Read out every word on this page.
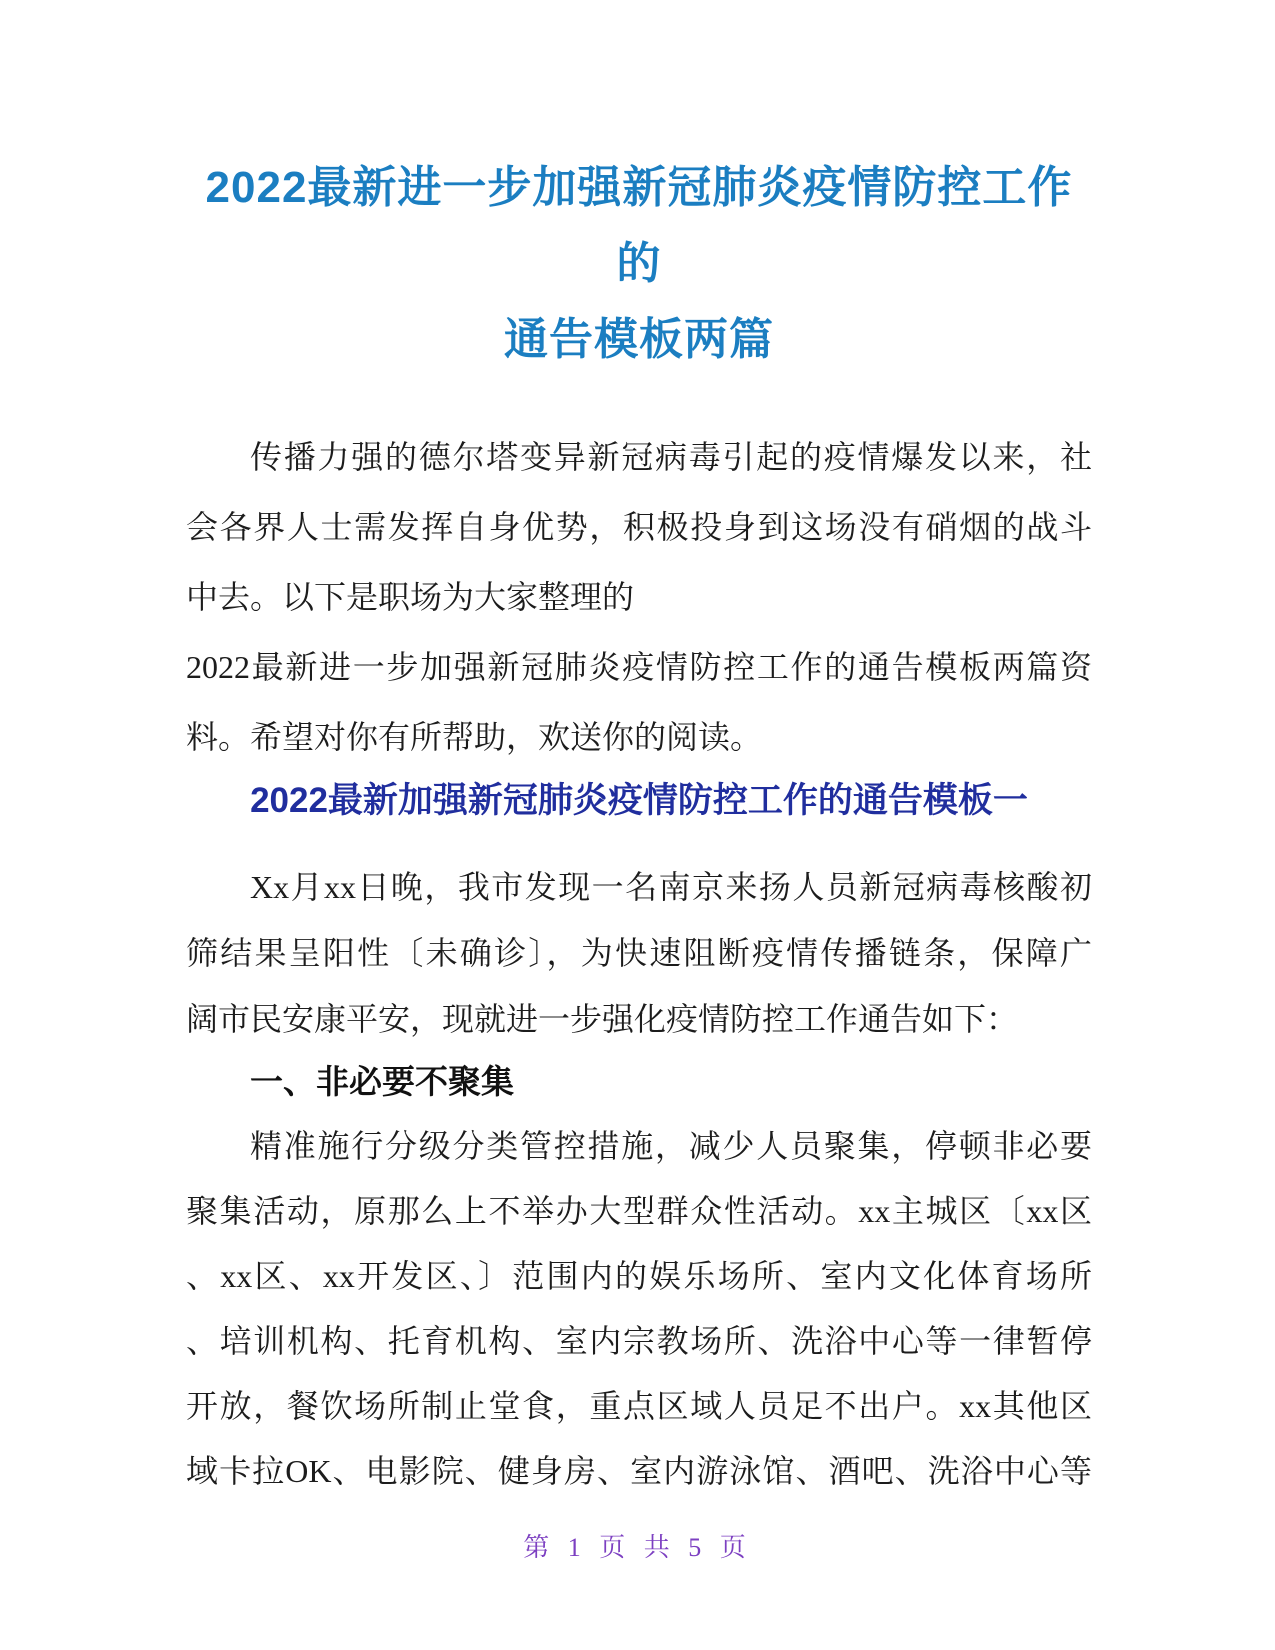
2022最新进一步加强新冠肺炎疫情防控工作的
通告模板两篇
传播力强的德尔塔变异新冠病毒引起的疫情爆发以来，社
会各界人士需发挥自身优势，积极投身到这场没有硝烟的战斗
中去。以下是职场为大家整理的
2022最新进一步加强新冠肺炎疫情防控工作的通告模板两篇资
料。希望对你有所帮助，欢送你的阅读。
2022最新加强新冠肺炎疫情防控工作的通告模板一
Xx月xx日晚，我市发现一名南京来扬人员新冠病毒核酸初
筛结果呈阳性〔未确诊〕，为快速阻断疫情传播链条，保障广
阔市民安康平安，现就进一步强化疫情防控工作通告如下：
一、非必要不聚集
精准施行分级分类管控措施，减少人员聚集，停顿非必要
聚集活动，原那么上不举办大型群众性活动。xx主城区〔xx区
、xx区、xx开发区、〕范围内的娱乐场所、室内文化体育场所
、培训机构、托育机构、室内宗教场所、洗浴中心等一律暂停
开放，餐饮场所制止堂食，重点区域人员足不出户。xx其他区
域卡拉OK、电影院、健身房、室内游泳馆、酒吧、洗浴中心等
第 1 页 共 5 页
